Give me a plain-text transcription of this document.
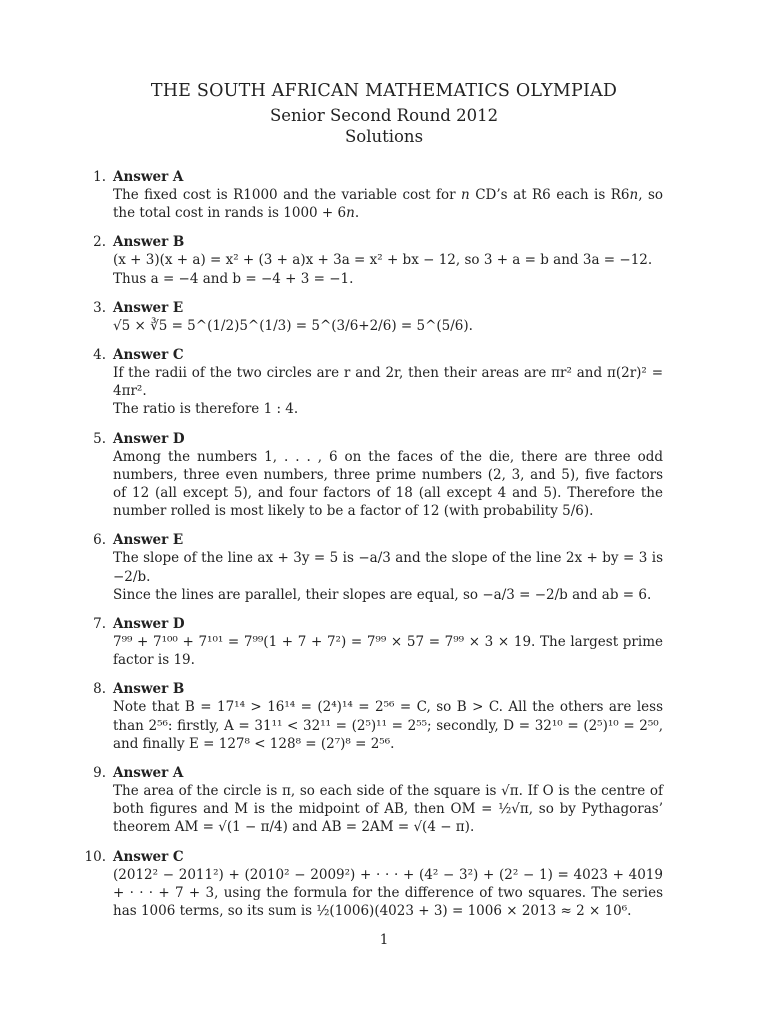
THE SOUTH AFRICAN MATHEMATICS OLYMPIAD
Senior Second Round 2012
Solutions
1. Answer A
The fixed cost is R1000 and the variable cost for n CD’s at R6 each is R6n, so the total cost in rands is 1000 + 6n.
2. Answer B

(x + 3)(x + a) = x² + (3 + a)x + 3a = x² + bx − 12, so 3 + a = b and 3a = −12.

Thus a = −4 and b = −4 + 3 = −1.

3. Answer E

√5 × ∛5 = 5^(1/2)5^(1/3) = 5^(3/6+2/6) = 5^(5/6).

4. Answer C

If the radii of the two circles are r and 2r, then their areas are πr² and π(2r)² = 4πr².

The ratio is therefore 1 : 4.

5. Answer D

Among the numbers 1, . . . , 6 on the faces of the die, there are three odd numbers, three even numbers, three prime numbers (2, 3, and 5), five factors of 12 (all except 5), and four factors of 18 (all except 4 and 5). Therefore the number rolled is most likely to be a factor of 12 (with probability 5/6).

6. Answer E

The slope of the line ax + 3y = 5 is −a/3 and the slope of the line 2x + by = 3 is −2/b.

Since the lines are parallel, their slopes are equal, so −a/3 = −2/b and ab = 6.

7. Answer D

7⁹⁹ + 7¹⁰⁰ + 7¹⁰¹ = 7⁹⁹(1 + 7 + 7²) = 7⁹⁹ × 57 = 7⁹⁹ × 3 × 19. The largest prime factor is 19.

8. Answer B

Note that B = 17¹⁴ > 16¹⁴ = (2⁴)¹⁴ = 2⁵⁶ = C, so B > C. All the others are less than 2⁵⁶: firstly, A = 31¹¹ < 32¹¹ = (2⁵)¹¹ = 2⁵⁵; secondly, D = 32¹⁰ = (2⁵)¹⁰ = 2⁵⁰, and finally E = 127⁸ < 128⁸ = (2⁷)⁸ = 2⁵⁶.

9. Answer A

The area of the circle is π, so each side of the square is √π. If O is the centre of both figures and M is the midpoint of AB, then OM = ½√π, so by Pythagoras’ theorem AM = √(1 − π/4) and AB = 2AM = √(4 − π).

10. Answer C

(2012² − 2011²) + (2010² − 2009²) + · · · + (4² − 3²) + (2² − 1) = 4023 + 4019 + · · · + 7 + 3, using the formula for the difference of two squares. The series has 1006 terms, so its sum is ½(1006)(4023 + 3) = 1006 × 2013 ≈ 2 × 10⁶.

1
